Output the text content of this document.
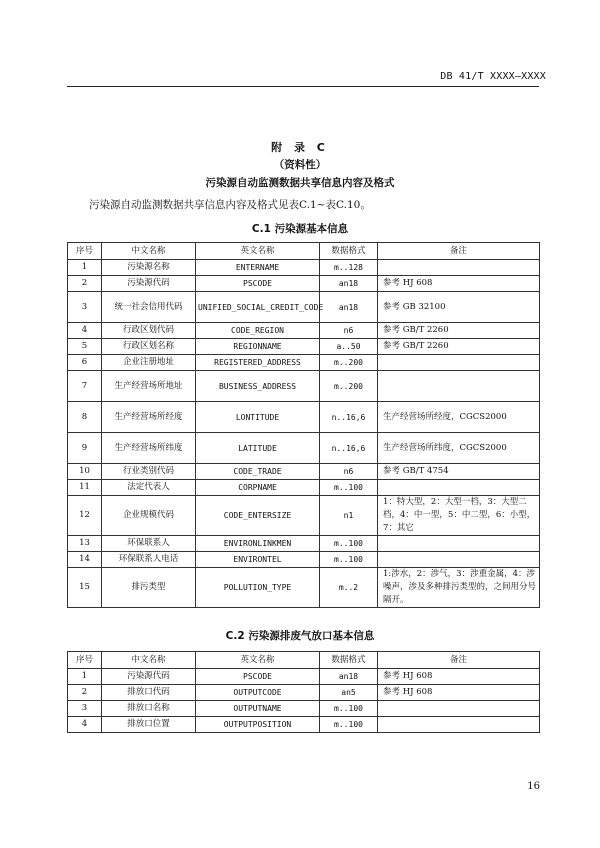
DB 41/T XXXX—XXXX
附 录 C
（资料性）
污染源自动监测数据共享信息内容及格式
污染源自动监测数据共享信息内容及格式见表C.1~表C.10。
C.1 污染源基本信息
序号	中文名称	英文名称	数据格式	备注
1	污染源名称	ENTERNAME	m..128	
2	污染源代码	PSCODE	an18	参考 HJ 608
3	统一社会信用代码	UNIFIED_SOCIAL_CREDIT_CODE	an18	参考 GB 32100
4	行政区划代码	CODE_REGION	n6	参考 GB/T 2260
5	行政区划名称	REGIONNAME	a..50	参考 GB/T 2260
6	企业注册地址	REGISTERED_ADDRESS	m..200	
7	生产经营场所地址	BUSINESS_ADDRESS	m..200	
8	生产经营场所经度	LONTITUDE	n..16,6	生产经营场所经度，CGCS2000
9	生产经营场所纬度	LATITUDE	n..16,6	生产经营场所纬度，CGCS2000
10	行业类别代码	CODE_TRADE	n6	参考 GB/T 4754
11	法定代表人	CORPNAME	m..100	
12	企业规模代码	CODE_ENTERSIZE	n1	1：特大型，2：大型一档，3：大型二档，4：中一型，5：中二型，6：小型，7：其它
13	环保联系人	ENVIRONLINKMEN	m..100	
14	环保联系人电话	ENVIRONTEL	m..100	
15	排污类型	POLLUTION_TYPE	m..2	1:涉水，2：涉气，3：涉重金属，4：涉噪声，涉及多种排污类型的，之间用分号隔开。
C.2 污染源排废气放口基本信息
序号	中文名称	英文名称	数据格式	备注
1	污染源代码	PSCODE	an18	参考 HJ 608
2	排放口代码	OUTPUTCODE	an5	参考 HJ 608
3	排放口名称	OUTPUTNAME	m..100	
4	排放口位置	OUTPUTPOSITION	m..100	
16
